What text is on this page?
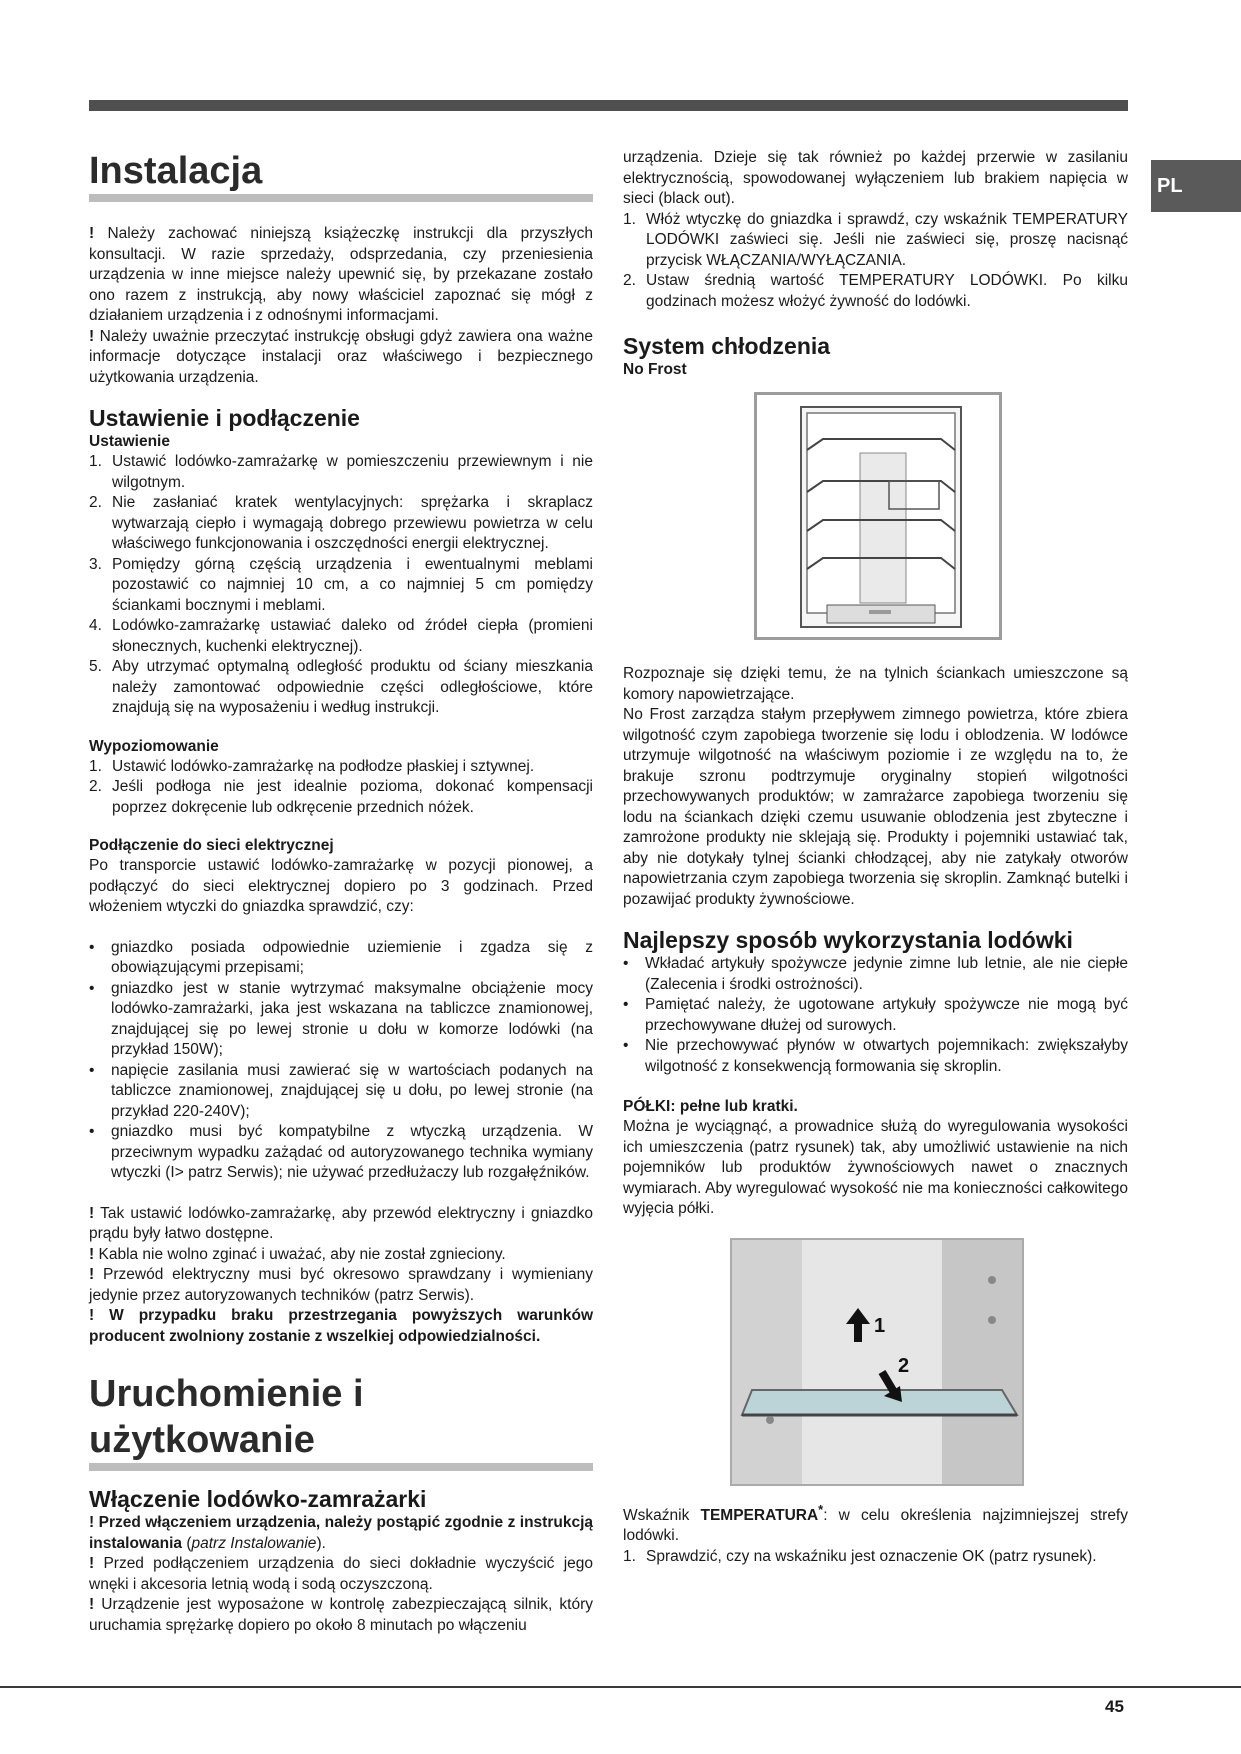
PL
Instalacja

! Należy zachować niniejszą książeczkę instrukcji dla przyszłych konsultacji. W razie sprzedaży, odsprzedania, czy przeniesienia urządzenia w inne miejsce należy upewnić się, by przekazane zostało ono razem z instrukcją, aby nowy właściciel zapoznać się mógł z działaniem urządzenia i z odnośnymi informacjami.

! Należy uważnie przeczytać instrukcję obsługi gdyż zawiera ona ważne informacje dotyczące instalacji oraz właściwego i bezpiecznego użytkowania urządzenia.

Ustawienie i podłączenie
Ustawienie
1. Ustawić lodówko-zamrażarkę w pomieszczeniu przewiewnym i nie wilgotnym.
2. Nie zasłaniać kratek wentylacyjnych: sprężarka i skraplacz wytwarzają ciepło i wymagają dobrego przewiewu powietrza w celu właściwego funkcjonowania i oszczędności energii elektrycznej.
3. Pomiędzy górną częścią urządzenia i ewentualnymi meblami pozostawić co najmniej 10 cm, a co najmniej 5 cm pomiędzy ściankami bocznymi i meblami.
4. Lodówko-zamrażarkę ustawiać daleko od źródeł ciepła (promieni słonecznych, kuchenki elektrycznej).
5. Aby utrzymać optymalną odległość produktu od ściany mieszkania należy zamontować odpowiednie części odległościowe, które znajdują się na wyposażeniu i według instrukcji.
Wypoziomowanie
1. Ustawić lodówko-zamrażarkę na podłodze płaskiej i sztywnej.
2. Jeśli podłoga nie jest idealnie pozioma, dokonać kompensacji poprzez dokręcenie lub odkręcenie przednich nóżek.
Podłączenie do sieci elektrycznej

Po transporcie ustawić lodówko-zamrażarkę w pozycji pionowej, a podłączyć do sieci elektrycznej dopiero po 3 godzinach. Przed włożeniem wtyczki do gniazdka sprawdzić, czy:

• gniazdko posiada odpowiednie uziemienie i zgadza się z obowiązującymi przepisami;
• gniazdko jest w stanie wytrzymać maksymalne obciążenie mocy lodówko-zamrażarki, jaka jest wskazana na tabliczce znamionowej, znajdującej się po lewej stronie u dołu w komorze lodówki (na przykład 150W);
• napięcie zasilania musi zawierać się w wartościach podanych na tabliczce znamionowej, znajdującej się u dołu, po lewej stronie (na przykład 220-240V);
• gniazdko musi być kompatybilne z wtyczką urządzenia. W przeciwnym wypadku zażądać od autoryzowanego technika wymiany wtyczki (I> patrz Serwis); nie używać przedłużaczy lub rozgałęźników.

! Tak ustawić lodówko-zamrażarkę, aby przewód elektryczny i gniazdko prądu były łatwo dostępne.

! Kabla nie wolno zginać i uważać, aby nie został zgnieciony.

! Przewód elektryczny musi być okresowo sprawdzany i wymieniany jedynie przez autoryzowanych techników (patrz Serwis).

! W przypadku braku przestrzegania powyższych warunków producent zwolniony zostanie z wszelkiej odpowiedzialności.

Uruchomienie i użytkowanie
Włączenie lodówko-zamrażarki

! Przed włączeniem urządzenia, należy postąpić zgodnie z instrukcją instalowania (patrz Instalowanie).

! Przed podłączeniem urządzenia do sieci dokładnie wyczyścić jego wnęki i akcesoria letnią wodą i sodą oczyszczoną.

! Urządzenie jest wyposażone w kontrolę zabezpieczającą silnik, który uruchamia sprężarkę dopiero po około 8 minutach po włączeniu

urządzenia. Dzieje się tak również po każdej przerwie w zasilaniu elektrycznością, spowodowanej wyłączeniem lub brakiem napięcia w sieci (black out).

1. Włóż wtyczkę do gniazdka i sprawdź, czy wskaźnik TEMPERATURY LODÓWKI zaświeci się. Jeśli nie zaświeci się, proszę nacisnąć przycisk WŁĄCZANIA/WYŁĄCZANIA.
2. Ustaw średnią wartość TEMPERATURY LODÓWKI. Po kilku godzinach możesz włożyć żywność do lodówki.
System chłodzenia
No Frost

Rozpoznaje się dzięki temu, że na tylnich ściankach umieszczone są komory napowietrzające.

No Frost zarządza stałym przepływem zimnego powietrza, które zbiera wilgotność czym zapobiega tworzenie się lodu i oblodzenia. W lodówce utrzymuje wilgotność na właściwym poziomie i ze względu na to, że brakuje szronu podtrzymuje oryginalny stopień wilgotności przechowywanych produktów; w zamrażarce zapobiega tworzeniu się lodu na ściankach dzięki czemu usuwanie oblodzenia jest zbyteczne i zamrożone produkty nie sklejają się. Produkty i pojemniki ustawiać tak, aby nie dotykały tylnej ścianki chłodzącej, aby nie zatykały otworów napowietrzania czym zapobiega tworzenia się skroplin. Zamknąć butelki i pozawijać produkty żywnościowe.

Najlepszy sposób wykorzystania lodówki
• Wkładać artykuły spożywcze jedynie zimne lub letnie, ale nie ciepłe (Zalecenia i środki ostrożności).
• Pamiętać należy, że ugotowane artykuły spożywcze nie mogą być przechowywane dłużej od surowych.
• Nie przechowywać płynów w otwartych pojemnikach: zwiększałyby wilgotność z konsekwencją formowania się skroplin.
PÓŁKI: pełne lub kratki.

Można je wyciągnąć, a prowadnice służą do wyregulowania wysokości ich umieszczenia (patrz rysunek) tak, aby umożliwić ustawienie na nich pojemników lub produktów żywnościowych nawet o znacznych wymiarach. Aby wyregulować wysokość nie ma konieczności całkowitego wyjęcia półki.

1
2

Wskaźnik TEMPERATURA*: w celu określenia najzimniejszej strefy lodówki.

1. Sprawdzić, czy na wskaźniku jest oznaczenie OK (patrz rysunek).
45
